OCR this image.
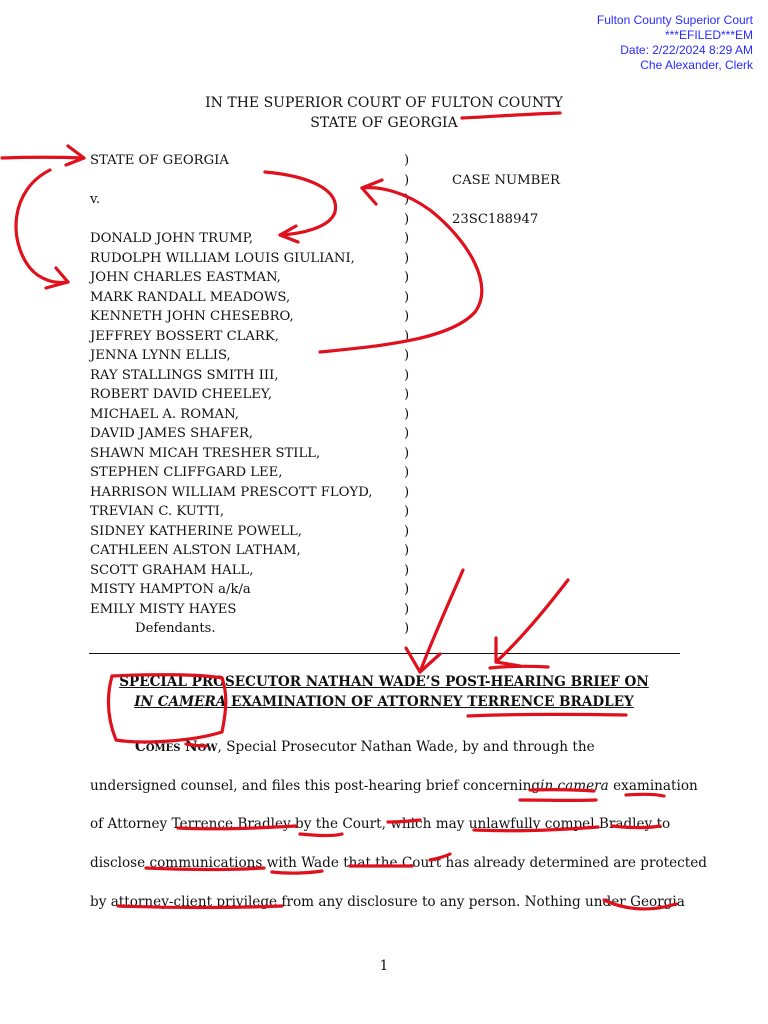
Fulton County Superior Court
***EFILED***EM
Date: 2/22/2024 8:29 AM
Che Alexander, Clerk
IN THE SUPERIOR COURT OF FULTON COUNTY
STATE OF GEORGIA
STATE OF GEORGIA
v.
DONALD JOHN TRUMP,
RUDOLPH WILLIAM LOUIS GIULIANI,
JOHN CHARLES EASTMAN,
MARK RANDALL MEADOWS,
KENNETH JOHN CHESEBRO,
JEFFREY BOSSERT CLARK,
JENNA LYNN ELLIS,
RAY STALLINGS SMITH III,
ROBERT DAVID CHEELEY,
MICHAEL A. ROMAN,
DAVID JAMES SHAFER,
SHAWN MICAH TRESHER STILL,
STEPHEN CLIFFGARD LEE,
HARRISON WILLIAM PRESCOTT FLOYD,
TREVIAN C. KUTTI,
SIDNEY KATHERINE POWELL,
CATHLEEN ALSTON LATHAM,
SCOTT GRAHAM HALL,
MISTY HAMPTON a/k/a
EMILY MISTY HAYES
Defendants.
)
)
)
)
)
)
)
)
)
)
)
)
)
)
)
)
)
)
)
)
)
)
)
)
)
CASE NUMBER
23SC188947
SPECIAL PROSECUTOR NATHAN WADE’S POST-HEARING BRIEF ON
IN CAMERA EXAMINATION OF ATTORNEY TERRENCE BRADLEY
Comes Now, Special Prosecutor Nathan Wade, by and through the
undersigned counsel, and files this post-hearing brief concerning in camera examination
of Attorney Terrence Bradley by the Court, which may unlawfully compel Bradley to
disclose communications with Wade that the Court has already determined are protected
by attorney-client privilege from any disclosure to any person. Nothing under Georgia
1
